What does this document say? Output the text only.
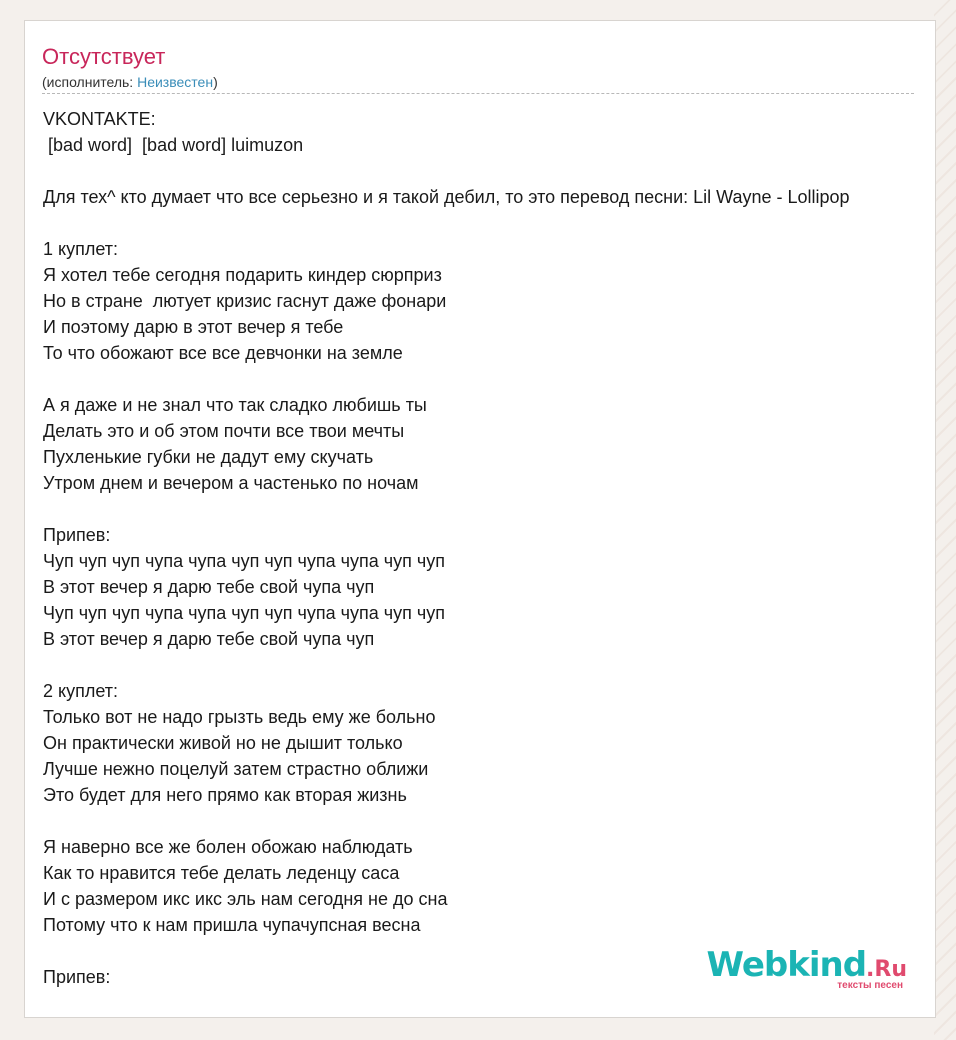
Отсутствует
(исполнитель: Неизвестен)
VKONTAKTE:
[bad word]  [bad word] luimuzon
Для тех^ кто думает что все серьезно и я такой дебил, то это перевод песни: Lil Wayne - Lollipop
1 куплет:
Я хотел тебе сегодня подарить киндер сюрприз
Но в стране  лютует кризис гаснут даже фонари
И поэтому дарю в этот вечер я тебе
То что обожают все все девчонки на земле
А я даже и не знал что так сладко любишь ты
Делать это и об этом почти все твои мечты
Пухленькие губки не дадут ему скучать
Утром днем и вечером а частенько по ночам
Припев:
Чуп чуп чуп чупа чупа чуп чуп чупа чупа чуп чуп
В этот вечер я дарю тебе свой чупа чуп
Чуп чуп чуп чупа чупа чуп чуп чупа чупа чуп чуп
В этот вечер я дарю тебе свой чупа чуп
2 куплет:
Только вот не надо грызть ведь ему же больно
Он практически живой но не дышит только
Лучше нежно поцелуй затем страстно оближи
Это будет для него прямо как вторая жизнь
Я наверно все же болен обожаю наблюдать
Как то нравится тебе делать леденцу саса
И с размером икс икс эль нам сегодня не до сна
Потому что к нам пришла чупачупсная весна
Припев:	Webkind.Ru
тексты песен
